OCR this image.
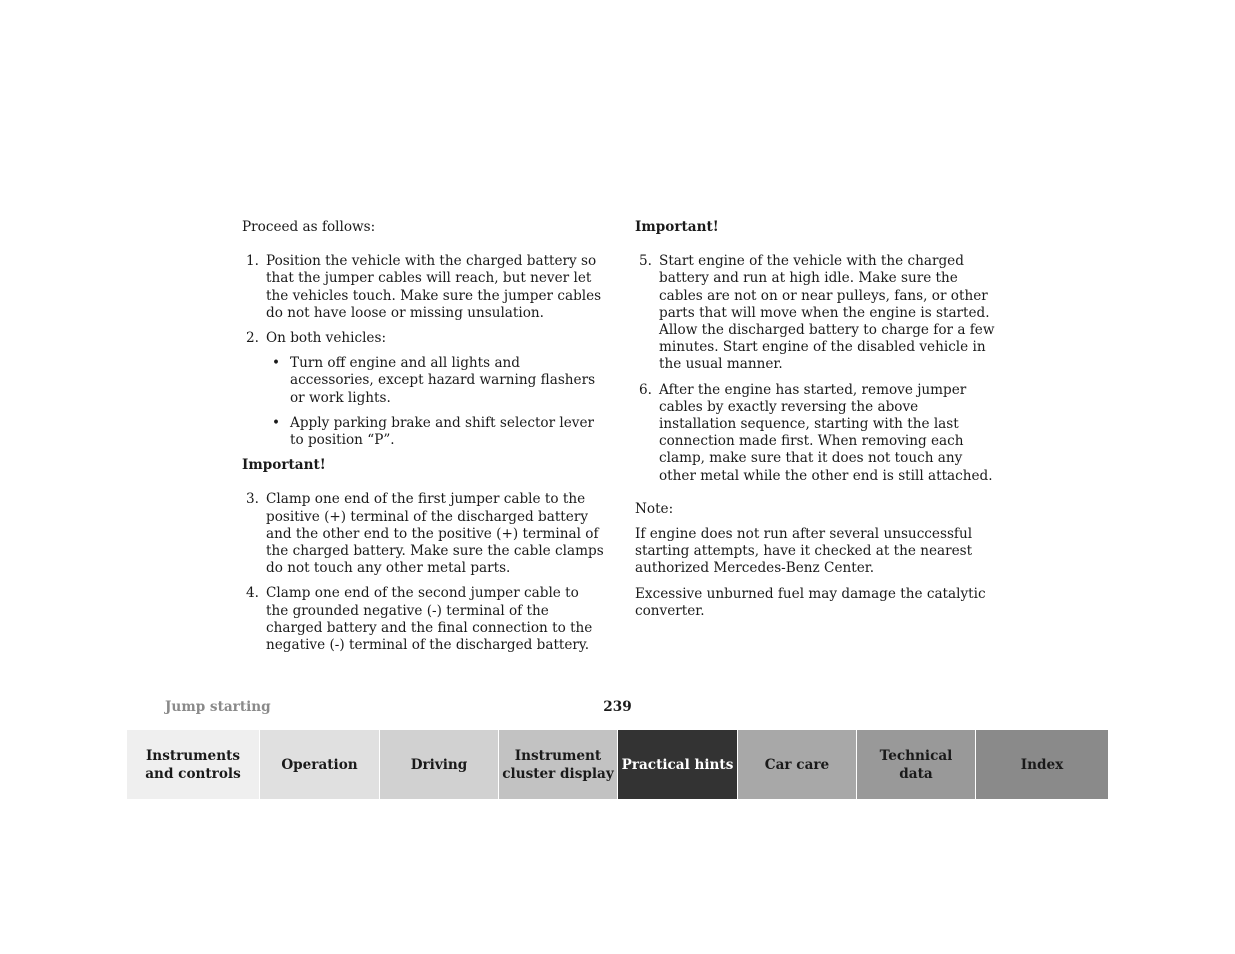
Proceed as follows:

1. Position the vehicle with the charged battery so that the jumper cables will reach, but never let the vehicles touch. Make sure the jumper cables do not have loose or missing unsulation.
2. On both vehicles:
• Turn off engine and all lights and accessories, except hazard warning flashers or work lights.
• Apply parking brake and shift selector lever to position “P”.

Important!

3. Clamp one end of the first jumper cable to the positive (+) terminal of the discharged battery and the other end to the positive (+) terminal of the charged battery. Make sure the cable clamps do not touch any other metal parts.
4. Clamp one end of the second jumper cable to the grounded negative (-) terminal of the charged battery and the final connection to the negative (-) terminal of the discharged battery.

Important!

5. Start engine of the vehicle with the charged battery and run at high idle. Make sure the cables are not on or near pulleys, fans, or other parts that will move when the engine is started. Allow the discharged battery to charge for a few minutes. Start engine of the disabled vehicle in the usual manner.
6. After the engine has started, remove jumper cables by exactly reversing the above installation sequence, starting with the last connection made first. When removing each clamp, make sure that it does not touch any other metal while the other end is still attached.

Note:

If engine does not run after several unsuccessful starting attempts, have it checked at the nearest authorized Mercedes-Benz Center.

Excessive unburned fuel may damage the catalytic converter.

Jump starting	239
Instruments
and controls
Operation	Driving
Instrument
cluster display
Practical hints Car care
Technical
data
Index
